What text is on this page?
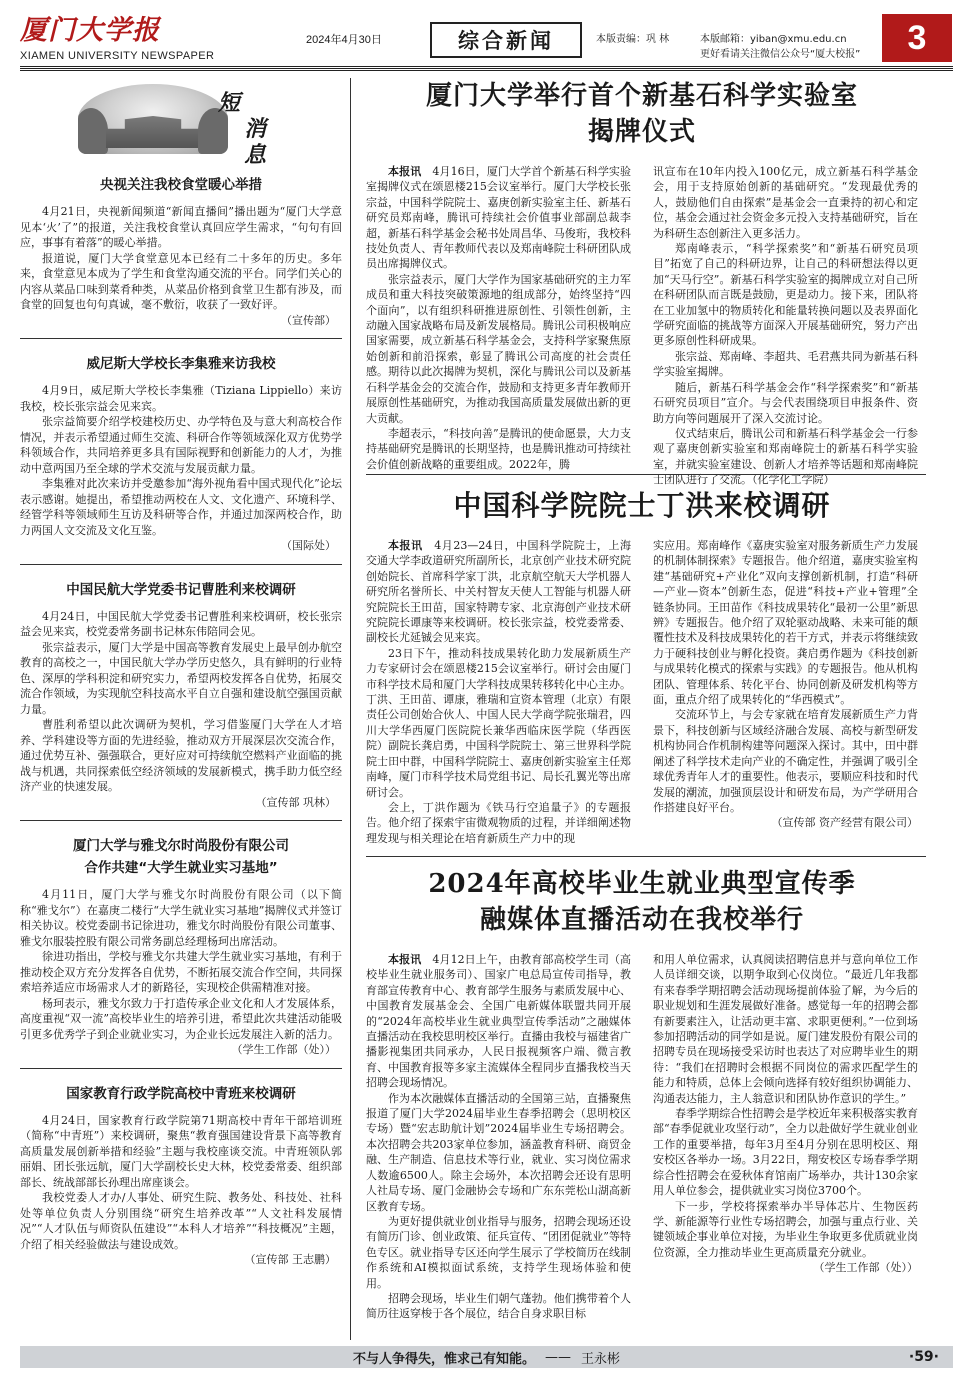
厦门大学报
XIAMEN UNIVERSITY NEWSPAPER
2024年4月30日	综合新闻	本版责编：巩 林	本版邮箱：yiban@xmu.edu.cn
更好看请关注微信公众号“厦大校报”	3
短
消息
央视关注我校食堂暖心举措

4月21日，央视新闻频道“新闻直播间”播出题为“厦门大学意见本‘火’了”的报道，关注我校食堂认真回应学生需求，“句句有回应，事事有着落”的暖心举措。

报道说，厦门大学食堂意见本已经有二十多年的历史。多年来，食堂意见本成为了学生和食堂沟通交流的平台。同学们关心的内容从菜品口味到菜肴种类，从菜品价格到食堂卫生都有涉及，而食堂的回复也句句真诚，毫不敷衍，收获了一致好评。

（宣传部）

威尼斯大学校长李集雅来访我校

4月9日，威尼斯大学校长李集雅（Tiziana Lippiello）来访我校，校长张宗益会见来宾。

张宗益简要介绍学校建校历史、办学特色及与意大利高校合作情况，并表示希望通过师生交流、科研合作等领域深化双方优势学科领域合作，共同培养更多具有国际视野和创新能力的人才，为推动中意两国乃至全球的学术交流与发展贡献力量。

李集雅对此次来访并受邀参加“海外视角看中国式现代化”论坛表示感谢。她提出，希望推动两校在人文、文化遗产、环境科学、经管学科等领域师生互访及科研等合作，并通过加深两校合作，助力两国人文交流及文化互鉴。

（国际处）

中国民航大学党委书记曹胜利来校调研

4月24日，中国民航大学党委书记曹胜利来校调研，校长张宗益会见来宾，校党委常务副书记林东伟陪同会见。

张宗益表示，厦门大学是中国高等教育发展史上最早创办航空教育的高校之一，中国民航大学办学历史悠久，具有鲜明的行业特色、深厚的学科积淀和研究实力，希望两校发挥各自优势，拓展交流合作领域，为实现航空科技高水平自立自强和建设航空强国贡献力量。

曹胜利希望以此次调研为契机，学习借鉴厦门大学在人才培养、学科建设等方面的先进经验，推动双方开展深层次交流合作，通过优势互补、强强联合，更好应对可持续航空燃料产业面临的挑战与机遇，共同探索低空经济领域的发展新模式，携手助力低空经济产业的快速发展。

（宣传部 巩林）

厦门大学与雅戈尔时尚股份有限公司
合作共建“大学生就业实习基地”

4月11日，厦门大学与雅戈尔时尚股份有限公司（以下简称“雅戈尔”）在嘉庚二楼行“大学生就业实习基地”揭牌仪式并签订相关协议。校党委副书记徐进功，雅戈尔时尚股份有限公司董事、雅戈尔服装控股有限公司常务副总经理杨珂出席活动。

徐进功指出，学校与雅戈尔共建大学生就业实习基地，有利于推动校企双方充分发挥各自优势，不断拓展交流合作空间，共同探索培养适应市场需求人才的新路径，实现校企供需精准对接。

杨珂表示，雅戈尔致力于打造传承企业文化和人才发展体系，高度重视“双一流”高校毕业生的培养引进，希望此次共建活动能吸引更多优秀学子到企业就业实习，为企业长远发展注入新的活力。

（学生工作部（处））

国家教育行政学院高校中青班来校调研

4月24日，国家教育行政学院第71期高校中青年干部培训班（简称“中青班”）来校调研，聚焦“教育强国建设背景下高等教育高质量发展创新举措和经验”主题与我校座谈交流。中青班领队郭丽娟、团长张远航，厦门大学副校长史大林，校党委常委、组织部部长、统战部部长孙理出席座谈会。

我校党委人才办/人事处、研究生院、教务处、科技处、社科处等单位负责人分别围绕“研究生培养改革”“人文社科发展情况”“人才队伍与师资队伍建设”“本科人才培养”“科技概况”主题，介绍了相关经验做法与建设成效。

（宣传部 王志鹏）

厦门大学举行首个新基石科学实验室
揭牌仪式

本报讯　 4月16日，厦门大学首个新基石科学实验室揭牌仪式在颂恩楼215会议室举行。厦门大学校长张宗益，中国科学院院士、嘉庚创新实验室主任、新基石研究员郑南峰，腾讯可持续社会价值事业部副总裁李超，新基石科学基金会秘书处周昌华、马俊珩，我校科技处负责人、青年教师代表以及郑南峰院士科研团队成员出席揭牌仪式。

张宗益表示，厦门大学作为国家基础研究的主力军成员和重大科技突破策源地的组成部分，始终坚持“四个面向”，以有组织科研推进原创性、引领性创新，主动融入国家战略布局及新发展格局。腾讯公司积极响应国家需要，成立新基石科学基金会，支持科学家聚焦原始创新和前沿探索，彰显了腾讯公司高度的社会责任感。期待以此次揭牌为契机，深化与腾讯公司以及新基石科学基金会的交流合作，鼓励和支持更多青年教师开展原创性基础研究，为推动我国高质量发展做出新的更大贡献。

李超表示，“科技向善”是腾讯的使命愿景，大力支持基础研究是腾讯的长期坚持，也是腾讯推动可持续社会价值创新战略的重要组成。2022年，腾

讯宣布在10年内投入100亿元，成立新基石科学基金会，用于支持原始创新的基础研究。“发现最优秀的人，鼓励他们自由探索”是基金会一直秉持的初心和定位，基金会通过社会资金多元投入支持基础研究，旨在为科研生态创新注入更多活力。

郑南峰表示，“科学探索奖”和“新基石研究员项目”拓宽了自己的科研边界，让自己的科研想法得以更加“天马行空”。新基石科学实验室的揭牌成立对自己所在科研团队而言既是鼓励，更是动力。接下来，团队将在工业加氢中的物质转化和能量转换问题以及表界面化学研究面临的挑战等方面深入开展基础研究，努力产出更多原创性科研成果。

张宗益、郑南峰、李超共、毛君燕共同为新基石科学实验室揭牌。

随后，新基石科学基金会作“科学探索奖”和“新基石研究员项目”宣介。与会代表围绕项目申报条件、资助方向等问题展开了深入交流讨论。

仪式结束后，腾讯公司和新基石科学基金会一行参观了嘉庚创新实验室和郑南峰院士的新基石科学实验室，并就实验室建设、创新人才培养等话题和郑南峰院士团队进行了交流。（化学化工学院）

中国科学院院士丁洪来校调研

本报讯　 4月23—24日，中国科学院院士，上海交通大学李政道研究所副所长，北京创产业技术研究院创始院长、首席科学家丁洪，北京航空航天大学机器人研究所名誉所长、中关村智友天使人工智能与机器人研究院院长王田苗，国家特聘专家、北京海创产业技术研究院院长谭康等来校调研。校长张宗益，校党委常委、副校长尤延铖会见来宾。

23日下午，推动科技成果转化助力发展新质生产力专家研讨会在颂恩楼215会议室举行。研讨会由厦门市科学技术局和厦门大学科技成果转移转化中心主办。丁洪、王田苗、谭康，雅瑞和宣资本管理（北京）有限责任公司创始合伙人、中国人民大学商学院张瑞君，四川大学华西厦门医院院长兼华西临床医学院（华西医院）副院长龚启勇，中国科学院院士、第三世界科学院院士田中群，中国科学院院士、嘉庚创新实验室主任郑南峰，厦门市科学技术局党组书记、局长孔翼光等出席研讨会。

会上，丁洪作题为《铁马行空追量子》的专题报告。他介绍了探索宇宙微观物质的过程，并详细阐述物理发现与相关理论在培育新质生产力中的现

实应用。郑南峰作《嘉庚实验室对服务新质生产力发展的机制体制探索》专题报告。他介绍道，嘉庚实验室构建“基础研究+产业化”双向支撑创新机制，打造“科研—产业—资本”创新生态，促进“科技+产业+管理”全链条协同。王田苗作《科技成果转化“最初一公里”新思辨》专题报告。他介绍了双轮驱动战略、未来可能的颠覆性技术及科技成果转化的若干方式，并表示将继续致力于硬科技创业与孵化投资。龚启勇作题为《科技创新与成果转化模式的探索与实践》的专题报告。他从机构团队、管理体系、转化平台、协同创新及研发机构等方面，重点介绍了成果转化的“华西模式”。

交流环节上，与会专家就在培育发展新质生产力背景下，科技创新与区域经济融合发展、高校与新型研发机构协同合作机制构建等问题深入探讨。其中，田中群阐述了科学技术走向产业的不确定性，并强调了吸引全球优秀青年人才的重要性。他表示，要顺应科技和时代发展的潮流，加强顶层设计和研发布局，为产学研用合作搭建良好平台。

（宣传部 资产经营有限公司）

2024年高校毕业生就业典型宣传季
融媒体直播活动在我校举行

本报讯　 4月12日上午，由教育部高校学生司（高校毕业生就业服务司）、国家广电总局宣传司指导，教育部宣传教育中心、教育部学生服务与素质发展中心、中国教育发展基金会、全国广电新媒体联盟共同开展的“2024年高校毕业生就业典型宣传季活动”之融媒体直播活动在我校思明校区举行。直播由我校与福建省广播影视集团共同承办，人民日报视频客户端、微言教育、中国教育报等多家主流媒体全程同步直播我校当天招聘会现场情况。

作为本次融媒体直播活动的全国第三站，直播聚焦报道了厦门大学2024届毕业生春季招聘会（思明校区专场）暨“宏志助航计划”2024届毕业生专场招聘会。本次招聘会共203家单位参加，涵盖教育科研、商贸金融、生产制造、信息技术等行业，就业、实习岗位需求人数逾6500人。除主会场外，本次招聘会还设有思明人社局专场、厦门金融协会专场和广东东莞松山湖高新区教育专场。

为更好提供就业创业指导与服务，招聘会现场还设有简历门诊、创业政策、征兵宣传、“团团促就业”等特色专区。就业指导专区还向学生展示了学校简历在线制作系统和AI模拟面试系统，支持学生现场体验和使用。

招聘会现场，毕业生们朝气蓬勃。他们携带着个人简历往返穿梭于各个展位，结合自身求职目标

和用人单位需求，认真阅读招聘信息并与意向单位工作人员详细交谈，以期争取到心仪岗位。“最近几年我都有来春季学期招聘会活动现场提前体验了解，为今后的职业规划和生涯发展做好准备。感觉每一年的招聘会都有新要素注入，让活动更丰富、求职更便利。”一位到场参加招聘活动的同学如是说。厦门建发股份有限公司的招聘专员在现场接受采访时也表达了对应聘毕业生的期待：“我们在招聘时会根据不同岗位的需求匹配学生的能力和特质，总体上会倾向选择有较好组织协调能力、沟通表达能力，主人翁意识和团队协作意识的学生。”

春季学期综合性招聘会是学校近年来积极落实教育部“春季促就业攻坚行动”，全力以赴做好学生就业创业工作的重要举措，每年3月至4月分别在思明校区、翔安校区各举办一场。3月22日，翔安校区专场春季学期综合性招聘会在爱秋体育馆南广场举办，共计130余家用人单位参会，提供就业实习岗位3700个。

下一步，学校将探索举办半导体芯片、生物医药学、新能源等行业性专场招聘会，加强与重点行业、关键领域企事业单位对接，为毕业生争取更多优质就业岗位资源，全力推动毕业生更高质量充分就业。

（学生工作部（处））

不与人争得失，惟求己有知能。 —— 王永彬	·59·
